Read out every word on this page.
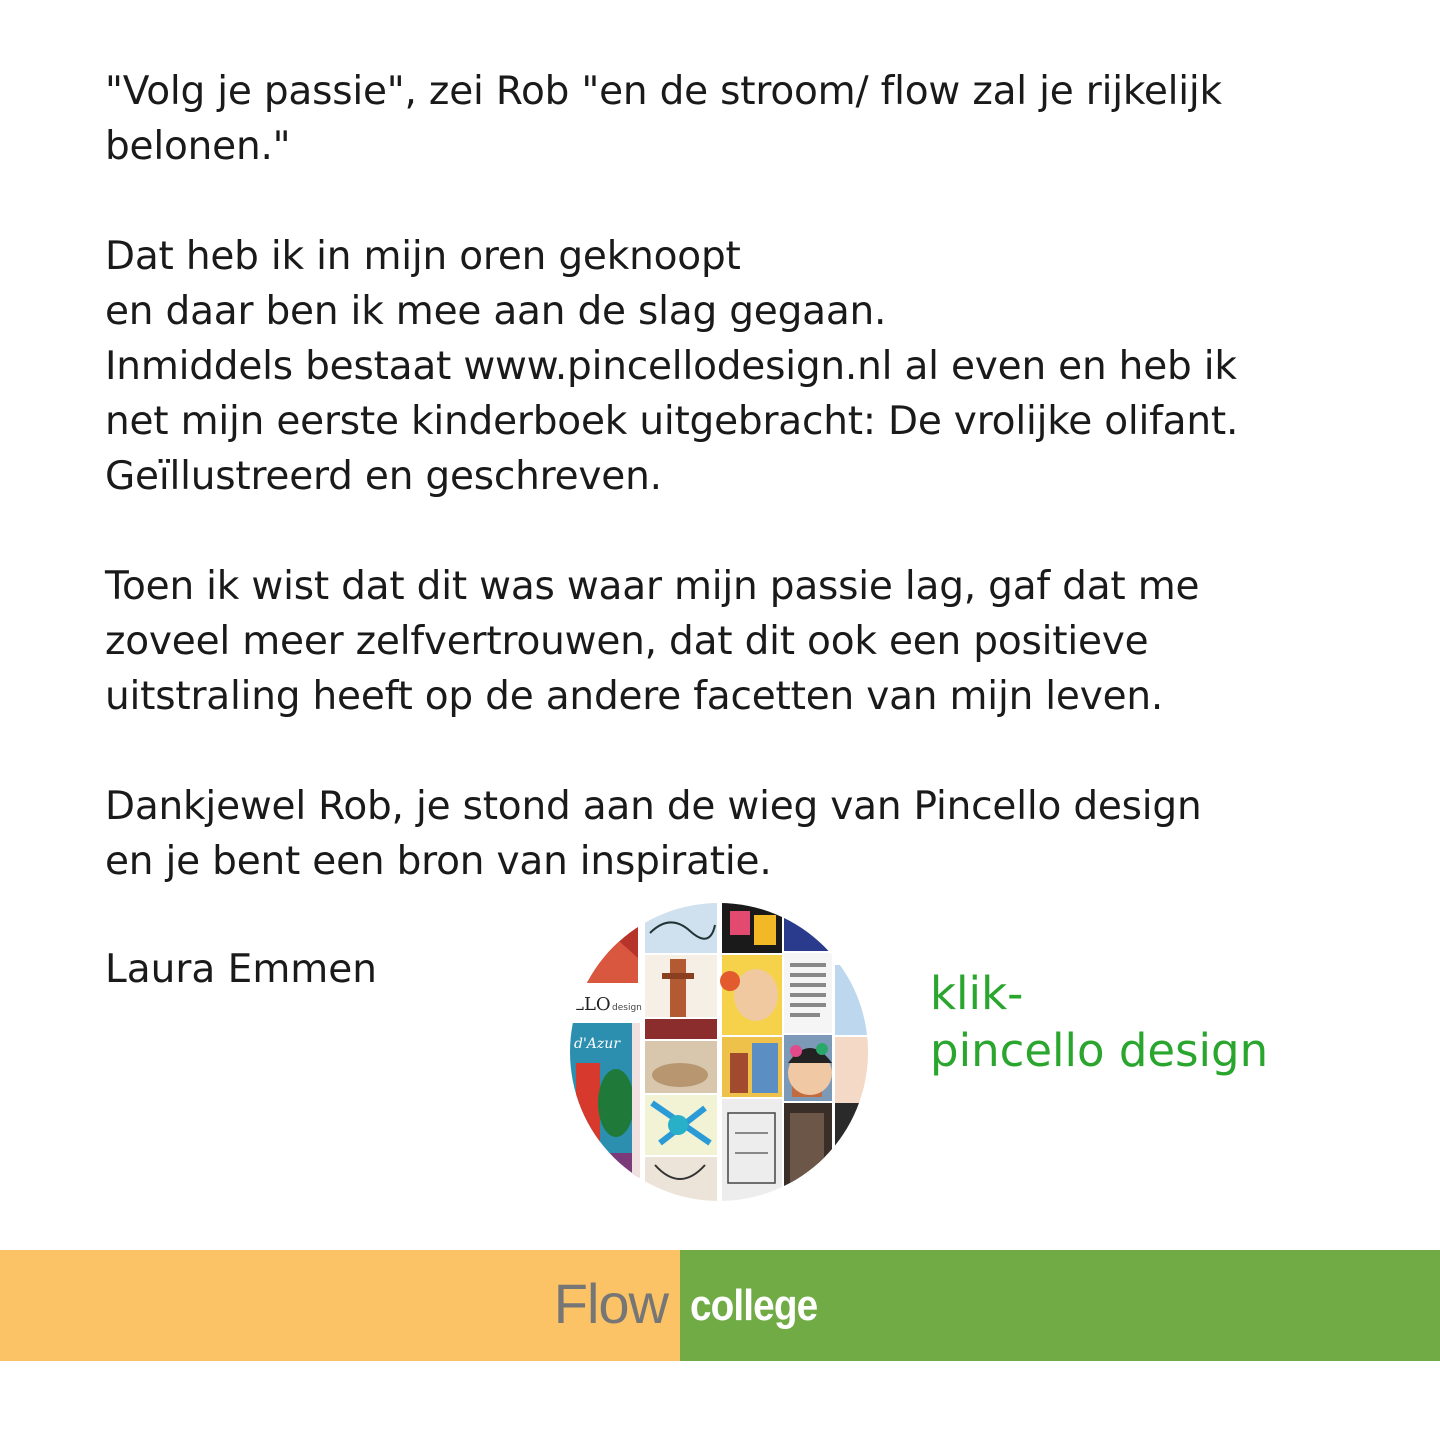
"Volg je passie", zei Rob "en de stroom/ flow zal je rijkelijk
belonen."
Dat heb ik in mijn oren geknoopt
en daar ben ik mee aan de slag gegaan.
Inmiddels bestaat www.pincellodesign.nl al even en heb ik
net mijn eerste kinderboek uitgebracht: De vrolijke olifant.
Geïllustreerd en geschreven.
Toen ik wist dat dit was waar mijn passie lag, gaf dat me
zoveel meer zelfvertrouwen, dat dit ook een positieve
uitstraling heeft op de andere facetten van mijn leven.
Dankjewel Rob, je stond aan de wieg van Pincello design
en je bent een bron van inspiratie.
Laura Emmen
LLO design
d'Azur
klik-
pincello design
Flow college
